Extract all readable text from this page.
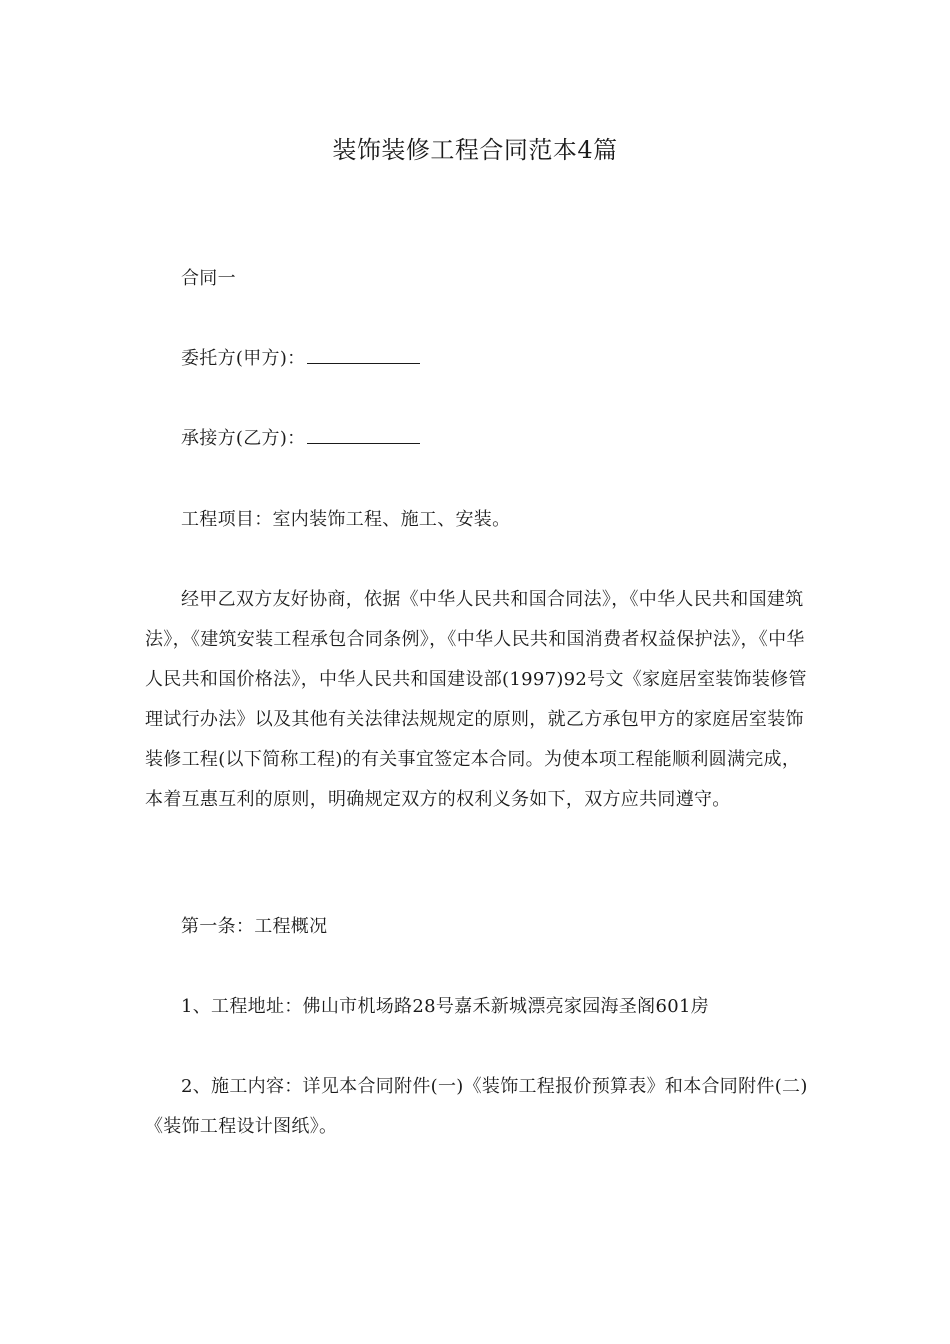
装饰装修工程合同范本4篇

合同一

委托方(甲方)：

承接方(乙方)：

工程项目：室内装饰工程、施工、安装。

经甲乙双方友好协商，依据《中华人民共和国合同法》，《中华人民共和国建筑法》，《建筑安装工程承包合同条例》，《中华人民共和国消费者权益保护法》，《中华人民共和国价格法》，中华人民共和国建设部(1997)92号文《家庭居室装饰装修管理试行办法》以及其他有关法律法规规定的原则，就乙方承包甲方的家庭居室装饰装修工程(以下简称工程)的有关事宜签定本合同。为使本项工程能顺利圆满完成，本着互惠互利的原则，明确规定双方的权利义务如下，双方应共同遵守。

第一条：工程概况

1、工程地址：佛山市机场路28号嘉禾新城漂亮家园海圣阁601房

2、施工内容：详见本合同附件(一)《装饰工程报价预算表》和本合同附件(二)《装饰工程设计图纸》。
